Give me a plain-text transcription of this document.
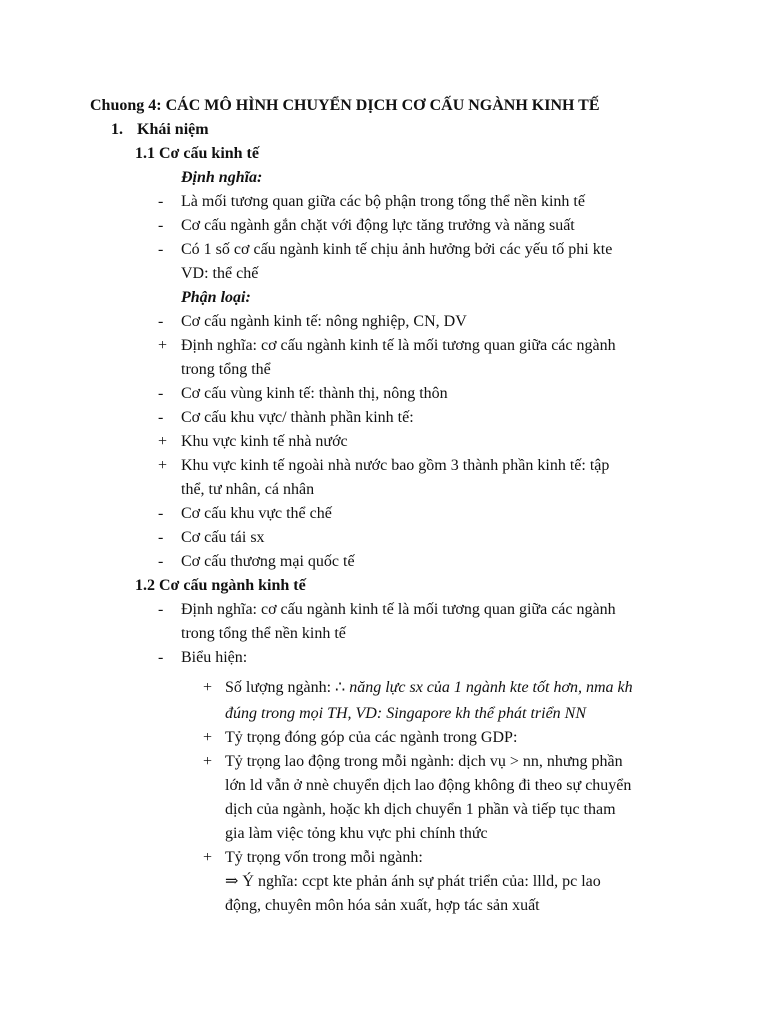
Chuong 4: CÁC MÔ HÌNH CHUYỂN DỊCH CƠ CẤU NGÀNH KINH TẾ
1. Khái niệm
1.1 Cơ cấu kinh tế
Định nghĩa:
-	Là mối tương quan giữa các bộ phận trong tổng thể nền kinh tế
-	Cơ cấu ngành gắn chặt với động lực tăng trưởng và năng suất
-	Có 1 số cơ cấu ngành kinh tế chịu ảnh hưởng bởi các yếu tố phi kte
VD: thể chế
Phận loại:
-	Cơ cấu ngành kinh tế: nông nghiệp, CN, DV
+ Định nghĩa: cơ cấu ngành kinh tế là mối tương quan giữa các ngành
trong tổng thể
-	Cơ cấu vùng kinh tế: thành thị, nông thôn
-	Cơ cấu khu vực/ thành phần kinh tế:
+ Khu vực kinh tế nhà nước
+ Khu vực kinh tế ngoài nhà nước bao gồm 3 thành phần kinh tế: tập
thể, tư nhân, cá nhân
-	Cơ cấu khu vực thể chế
-	Cơ cấu tái sx
-	Cơ cấu thương mại quốc tế
1.2 Cơ cấu ngành kinh tế
-	Định nghĩa: cơ cấu ngành kinh tế là mối tương quan giữa các ngành
trong tổng thể nền kinh tế
-	Biểu hiện:
+ Số lượng ngành: ∴ năng lực sx của 1 ngành kte tốt hơn, nma kh
đúng trong mọi TH, VD: Singapore kh thể phát triển NN
+ Tỷ trọng đóng góp của các ngành trong GDP:
+ Tỷ trọng lao động trong mỗi ngành: dịch vụ > nn, nhưng phần
lớn ld vẫn ở nnè chuyển dịch lao động không đi theo sự chuyển
dịch của ngành, hoặc kh dịch chuyển 1 phần và tiếp tục tham
gia làm việc tỏng khu vực phi chính thức
+ Tỷ trọng vốn trong mỗi ngành:
⇒ Ý nghĩa: ccpt kte phản ánh sự phát triển của: llld, pc lao
động, chuyên môn hóa sản xuất, hợp tác sản xuất
